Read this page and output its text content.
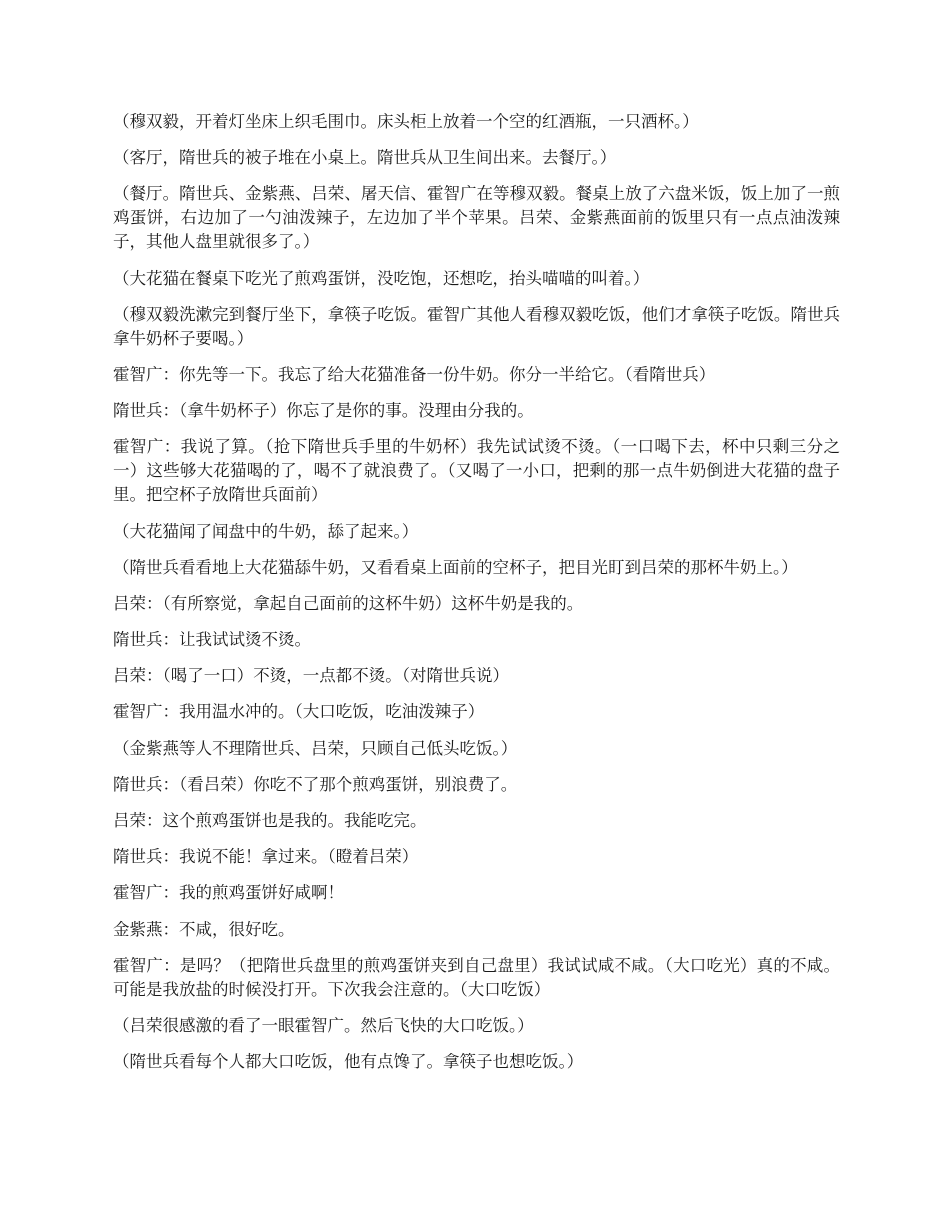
（穆双毅，开着灯坐床上织毛围巾。床头柜上放着一个空的红酒瓶，一只酒杯。）

（客厅，隋世兵的被子堆在小桌上。隋世兵从卫生间出来。去餐厅。）

（餐厅。隋世兵、金紫燕、吕荣、屠天信、霍智广在等穆双毅。餐桌上放了六盘米饭，饭上加了一煎鸡蛋饼，右边加了一勺油泼辣子，左边加了半个苹果。吕荣、金紫燕面前的饭里只有一点点油泼辣子，其他人盘里就很多了。）

（大花猫在餐桌下吃光了煎鸡蛋饼，没吃饱，还想吃，抬头喵喵的叫着。）

（穆双毅洗漱完到餐厅坐下，拿筷子吃饭。霍智广其他人看穆双毅吃饭，他们才拿筷子吃饭。隋世兵拿牛奶杯子要喝。）

霍智广：你先等一下。我忘了给大花猫准备一份牛奶。你分一半给它。（看隋世兵）

隋世兵：（拿牛奶杯子）你忘了是你的事。没理由分我的。

霍智广：我说了算。（抢下隋世兵手里的牛奶杯）我先试试烫不烫。（一口喝下去，杯中只剩三分之一）这些够大花猫喝的了，喝不了就浪费了。（又喝了一小口，把剩的那一点牛奶倒进大花猫的盘子里。把空杯子放隋世兵面前）

（大花猫闻了闻盘中的牛奶，舔了起来。）

（隋世兵看看地上大花猫舔牛奶，又看看桌上面前的空杯子，把目光盯到吕荣的那杯牛奶上。）

吕荣：（有所察觉，拿起自己面前的这杯牛奶）这杯牛奶是我的。

隋世兵：让我试试烫不烫。

吕荣：（喝了一口）不烫，一点都不烫。（对隋世兵说）

霍智广：我用温水冲的。（大口吃饭，吃油泼辣子）

（金紫燕等人不理隋世兵、吕荣，只顾自己低头吃饭。）

隋世兵：（看吕荣）你吃不了那个煎鸡蛋饼，别浪费了。

吕荣：这个煎鸡蛋饼也是我的。我能吃完。

隋世兵：我说不能！拿过来。（瞪着吕荣）

霍智广：我的煎鸡蛋饼好咸啊！

金紫燕：不咸，很好吃。

霍智广：是吗？（把隋世兵盘里的煎鸡蛋饼夹到自己盘里）我试试咸不咸。（大口吃光）真的不咸。可能是我放盐的时候没打开。下次我会注意的。（大口吃饭）

（吕荣很感激的看了一眼霍智广。然后飞快的大口吃饭。）

（隋世兵看每个人都大口吃饭，他有点馋了。拿筷子也想吃饭。）
